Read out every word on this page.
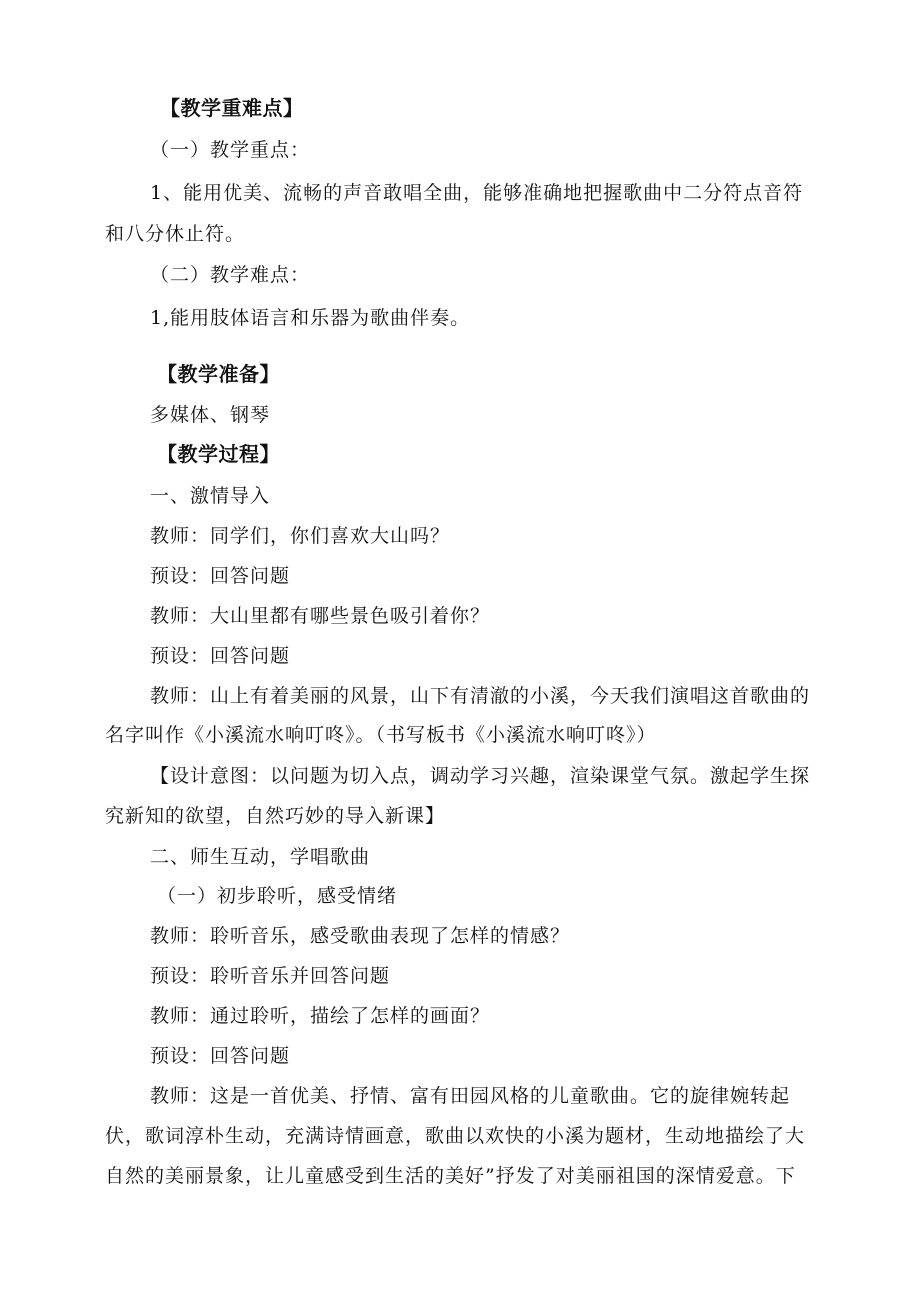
【教学重难点】

（一）教学重点：

1、能用优美、流畅的声音敢唱全曲，能够准确地把握歌曲中二分符点音符

和八分休止符。

（二）教学难点：

1,能用肢体语言和乐器为歌曲伴奏。

【教学准备】

多媒体、钢琴

【教学过程】

一、激情导入

教师：同学们，你们喜欢大山吗？

预设：回答问题

教师：大山里都有哪些景色吸引着你？

预设：回答问题

教师：山上有着美丽的风景，山下有清澈的小溪，今天我们演唱这首歌曲的

名字叫作《小溪流水响叮咚》。（书写板书《小溪流水响叮咚》）

【设计意图：以问题为切入点，调动学习兴趣，渲染课堂气氛。激起学生探

究新知的欲望，自然巧妙的导入新课】

二、师生互动，学唱歌曲

（一）初步聆听，感受情绪

教师：聆听音乐，感受歌曲表现了怎样的情感？

预设：聆听音乐并回答问题

教师：通过聆听，描绘了怎样的画面？

预设：回答问题

教师：这是一首优美、抒情、富有田园风格的儿童歌曲。它的旋律婉转起

伏，歌词淳朴生动，充满诗情画意，歌曲以欢快的小溪为题材，生动地描绘了大

自然的美丽景象，让儿童感受到生活的美好”抒发了对美丽祖国的深情爱意。下
